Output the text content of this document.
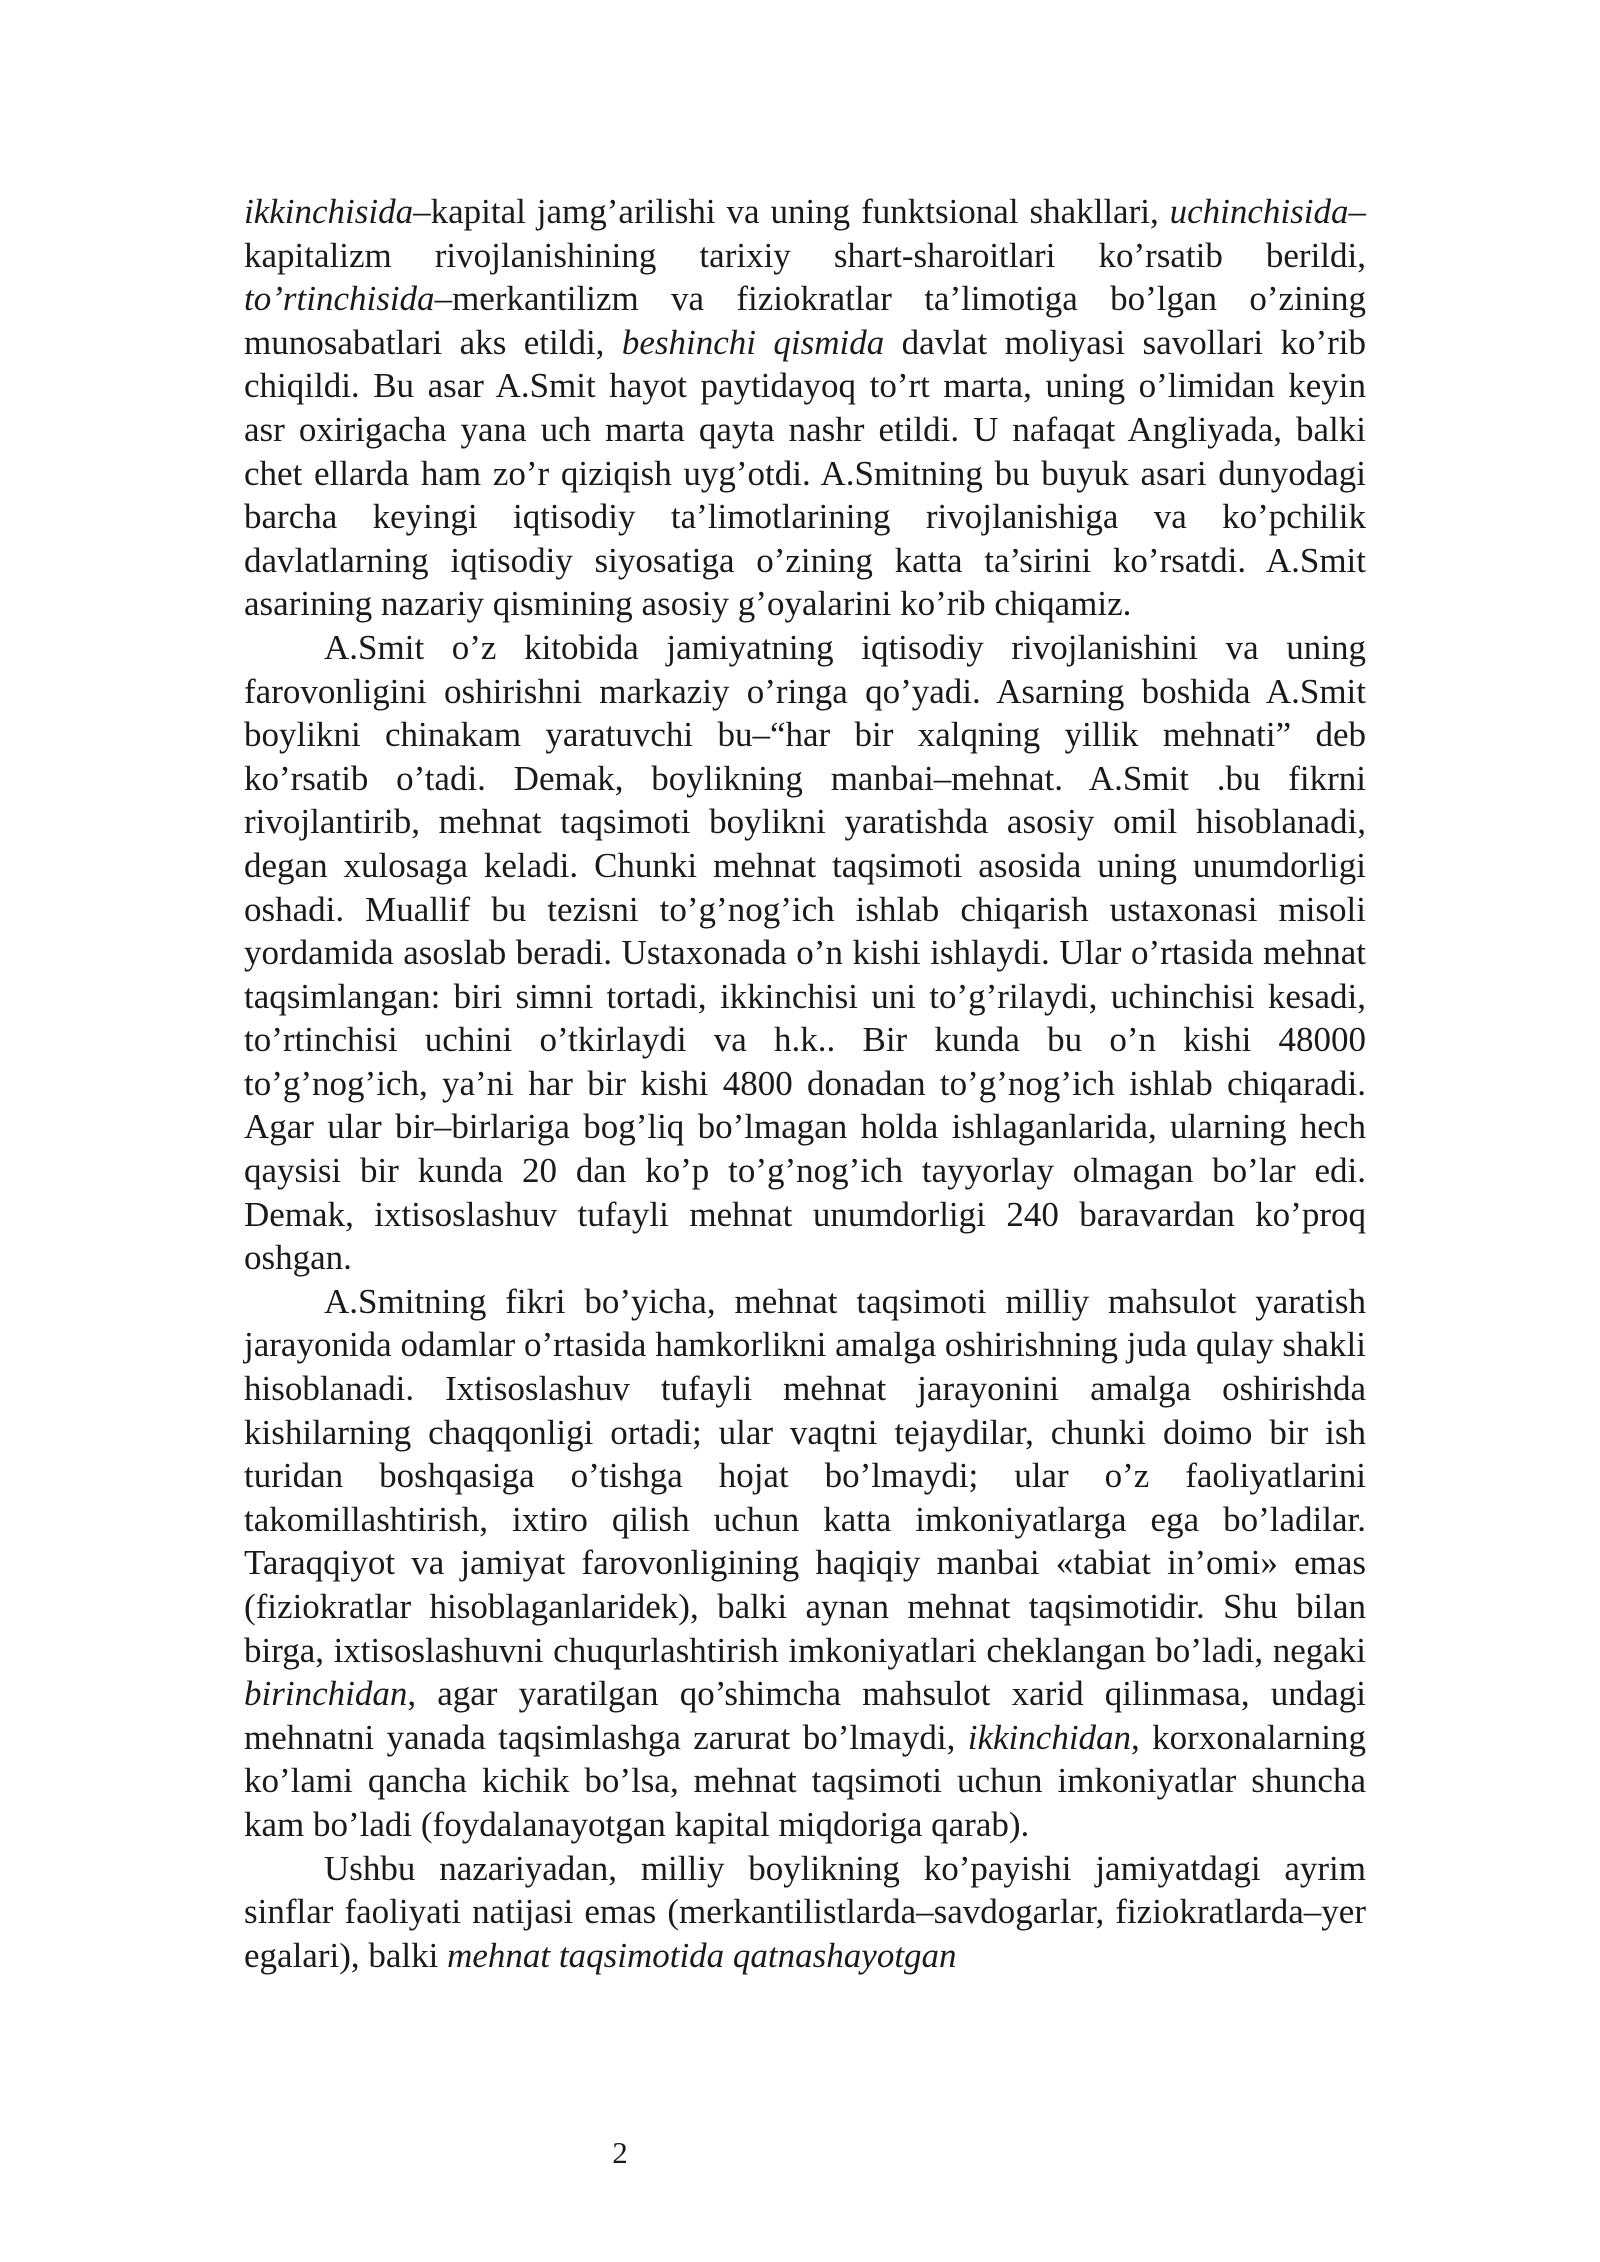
ikkinchisida–kapital jamg’arilishi va uning funktsional shakllari, uchinchisida–kapitalizm rivojlanishining tarixiy shart-sharoitlari ko’rsatib berildi, to’rtinchisida–merkantilizm va fiziokratlar ta’limotiga bo’lgan o’zining munosabatlari aks etildi, beshinchi qismida davlat moliyasi savollari ko’rib chiqildi. Bu asar A.Smit hayot paytidayoq to’rt marta, uning o’limidan keyin asr oxirigacha yana uch marta qayta nashr etildi. U nafaqat Angliyada, balki chet ellarda ham zo’r qiziqish uyg’otdi. A.Smitning bu buyuk asari dunyodagi barcha keyingi iqtisodiy ta’limotlarining rivojlanishiga va ko’pchilik davlatlarning iqtisodiy siyosatiga o’zining katta ta’sirini ko’rsatdi. A.Smit asarining nazariy qismining asosiy g’oyalarini ko’rib chiqamiz.

A.Smit o’z kitobida jamiyatning iqtisodiy rivojlanishini va uning farovonligini oshirishni markaziy o’ringa qo’yadi. Asarning boshida A.Smit boylikni chinakam yaratuvchi bu–“har bir xalqning yillik mehnati” deb ko’rsatib o’tadi. Demak, boylikning manbai–mehnat. A.Smit .bu fikrni rivojlantirib, mehnat taqsimoti boylikni yaratishda asosiy omil hisoblanadi, degan xulosaga keladi. Chunki mehnat taqsimoti asosida uning unumdorligi oshadi. Muallif bu tezisni to’g’nog’ich ishlab chiqarish ustaxonasi misoli yordamida asoslab beradi. Ustaxonada o’n kishi ishlaydi. Ular o’rtasida mehnat taqsimlangan: biri simni tortadi, ikkinchisi uni to’g’rilaydi, uchinchisi kesadi, to’rtinchisi uchini o’tkirlaydi va h.k.. Bir kunda bu o’n kishi 48000 to’g’nog’ich, ya’ni har bir kishi 4800 donadan to’g’nog’ich ishlab chiqaradi. Agar ular bir–birlariga bog’liq bo’lmagan holda ishlaganlarida, ularning hech qaysisi bir kunda 20 dan ko’p to’g’nog’ich tayyorlay olmagan bo’lar edi. Demak, ixtisoslashuv tufayli mehnat unumdorligi 240 baravardan ko’proq oshgan.

A.Smitning fikri bo’yicha, mehnat taqsimoti milliy mahsulot yaratish jarayonida odamlar o’rtasida hamkorlikni amalga oshirishning juda qulay shakli hisoblanadi. Ixtisoslashuv tufayli mehnat jarayonini amalga oshirishda kishilarning chaqqonligi ortadi; ular vaqtni tejaydilar, chunki doimo bir ish turidan boshqasiga o’tishga hojat bo’lmaydi; ular o’z faoliyatlarini takomillashtirish, ixtiro qilish uchun katta imkoniyatlarga ega bo’ladilar. Taraqqiyot va jamiyat farovonligining haqiqiy manbai «tabiat in’omi» emas (fiziokratlar hisoblaganlaridek), balki aynan mehnat taqsimotidir. Shu bilan birga, ixtisoslashuvni chuqurlashtirish imkoniyatlari cheklangan bo’ladi, negaki birinchidan, agar yaratilgan qo’shimcha mahsulot xarid qilinmasa, undagi mehnatni yanada taqsimlashga zarurat bo’lmaydi, ikkinchidan, korxonalarning ko’lami qancha kichik bo’lsa, mehnat taqsimoti uchun imkoniyatlar shuncha kam bo’ladi (foydalanayotgan kapital miqdoriga qarab).

Ushbu nazariyadan, milliy boylikning ko’payishi jamiyatdagi ayrim sinflar faoliyati natijasi emas (merkantilistlarda–savdogarlar, fiziokratlarda–yer egalari), balki mehnat taqsimotida qatnashayotgan

2
